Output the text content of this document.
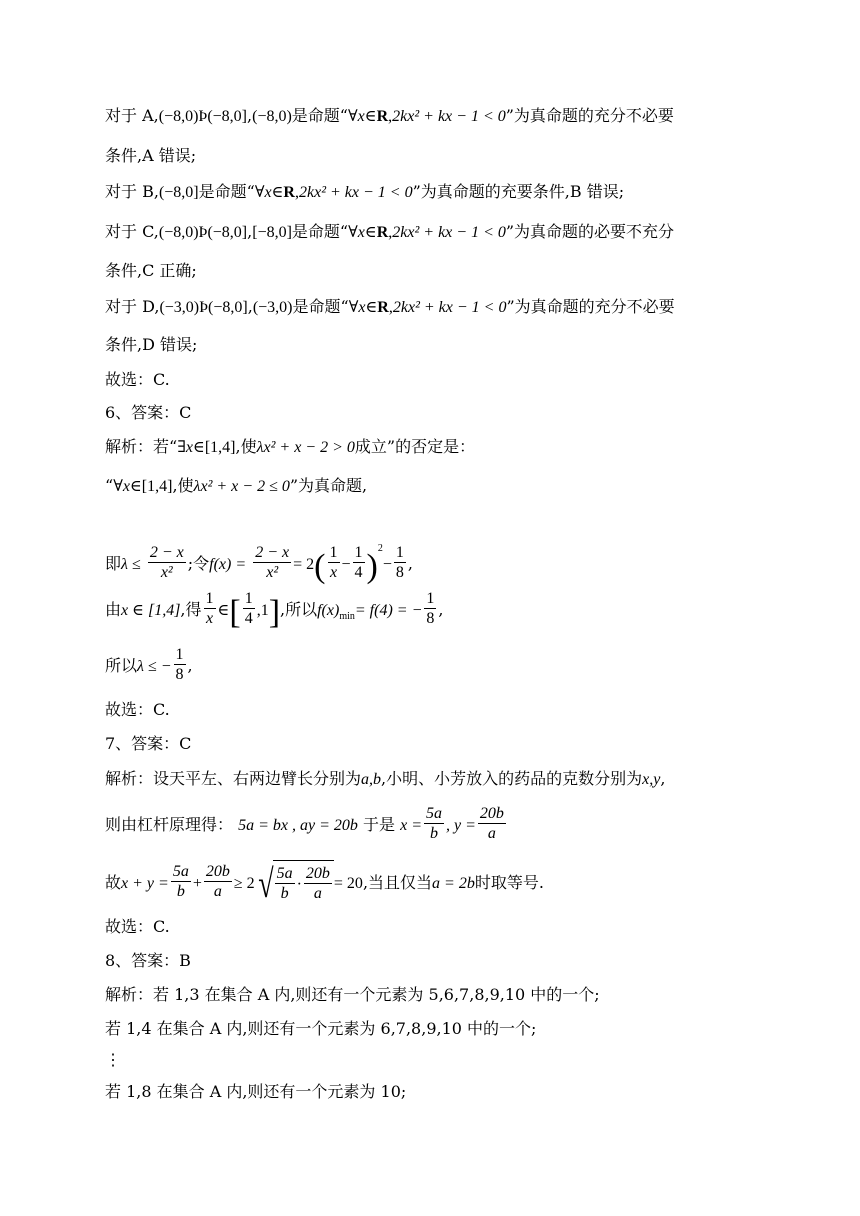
对于 A,(−8,0)Þ(−8,0],(−8,0)是命题“∀x∈R,2kx² + kx − 1 < 0”为真命题的充分不必要
条件,A 错误;
对于 B,(−8,0]是命题“∀x∈R,2kx² + kx − 1 < 0”为真命题的充要条件,B 错误;
对于 C,(−8,0)Þ(−8,0],[−8,0]是命题“∀x∈R,2kx² + kx − 1 < 0”为真命题的必要不充分
条件,C 正确;
对于 D,(−3,0)Þ(−8,0],(−3,0)是命题“∀x∈R,2kx² + kx − 1 < 0”为真命题的充分不必要
条件,D 错误;
故选：C.
6、答案：C
解析：若“∃x∈[1,4],使λx² + x − 2 > 0成立”的否定是：
“∀x∈[1,4],使λx² + x − 2 ≤ 0”为真命题,
即$\lambda \le \frac{2 - x}{\text{x²}}$ ;令$f(x) = \frac{2 - x}{\text{x²}} = 2( \frac{1}{x} - \frac{1}{4} )^2- \frac{1}{8}$ ,
由x ∈ [1,4],得 $\frac{1}{x}$ ∈[ $\frac{1}{4} ,1$],所以$f(x)_{min}= f(4)$ = − $\frac{1}{8}$ ,
所以λ ≤ − $\frac{1}{8}$ ,
故选：C.
7、答案：C
解析：设天平左、右两边臂长分别为a,b,小明、小芳放入的药品的克数分别为x,y,
则由杠杆原理得： 5a = bx , ay = 20b 于是 $x = \frac{5a}{b}$ , $y = \frac{20b}{a}$
故$x + y = \frac{5a}{b} + \frac{20b}{a} \ge 2√ \frac{5a}{b} \cdot \frac{20b}{a} = 20$,当且仅当a = 2b时取等号.
故选：C.
8、答案：B
解析：若 1,3 在集合 A 内,则还有一个元素为 5,6,7,8,9,10 中的一个;
若 1,4 在集合 A 内,则还有一个元素为 6,7,8,9,10 中的一个;
⋮
若 1,8 在集合 A 内,则还有一个元素为 10;
